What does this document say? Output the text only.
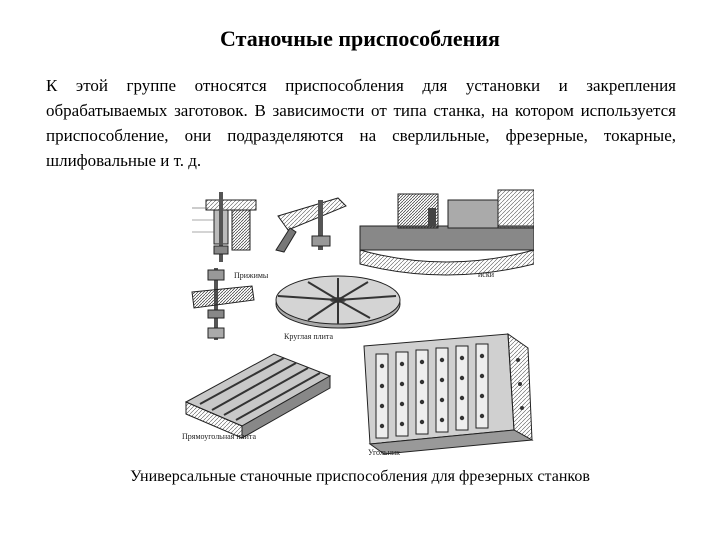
Станочные приспособления

К этой группе относятся приспособления для установки и закрепления обрабатываемых заготовок. В зависимости от типа станка, на котором используется приспособление, они подразделяются на сверлильные, фрезерные, токарные, шлифовальные и т. д.

Прижимы	иски
Круглая плита
Прямоугольная плита
Угольник

Универсальные станочные приспособления для фрезерных станков
